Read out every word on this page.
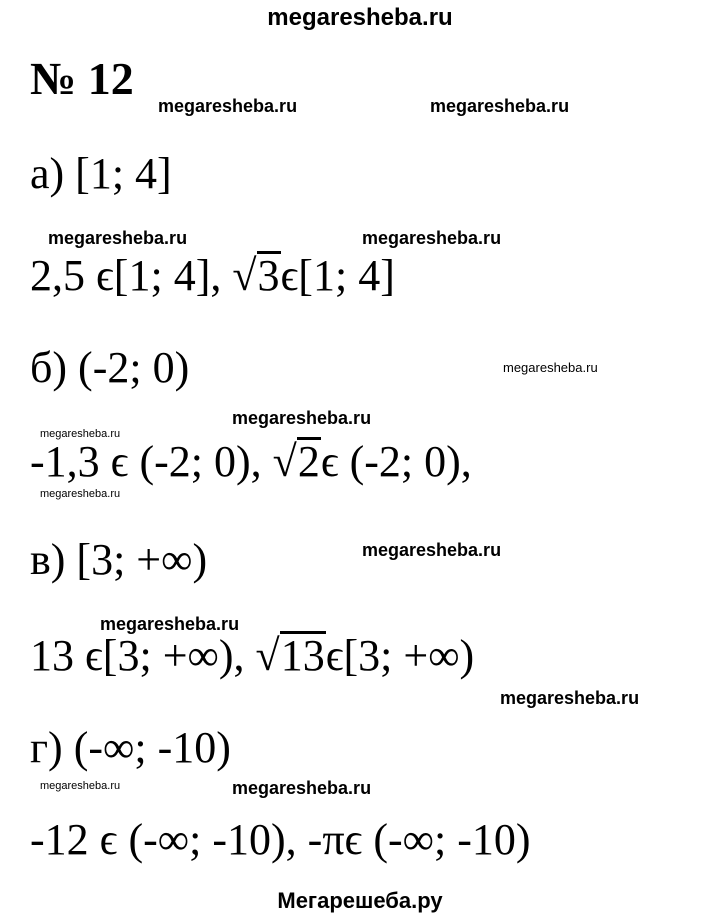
megaresheba.ru
№ 12
megaresheba.ru	megaresheba.ru
megaresheba.ru	megaresheba.ru
megaresheba.ru
megaresheba.ru
megaresheba.ru
megaresheba.ru
megaresheba.ru
megaresheba.ru
megaresheba.ru
megaresheba.ru	megaresheba.ru
а) [1; 4]
2,5 ϵ[1; 4], √3ϵ[1; 4]
б) (-2; 0)
-1,3 ϵ (-2; 0), √2ϵ (-2; 0),
в) [3; +∞)
13 ϵ[3; +∞), √13ϵ[3; +∞)
г) (-∞; -10)
-12 ϵ (-∞; -10), -πϵ (-∞; -10)
Мегарешеба.ру
